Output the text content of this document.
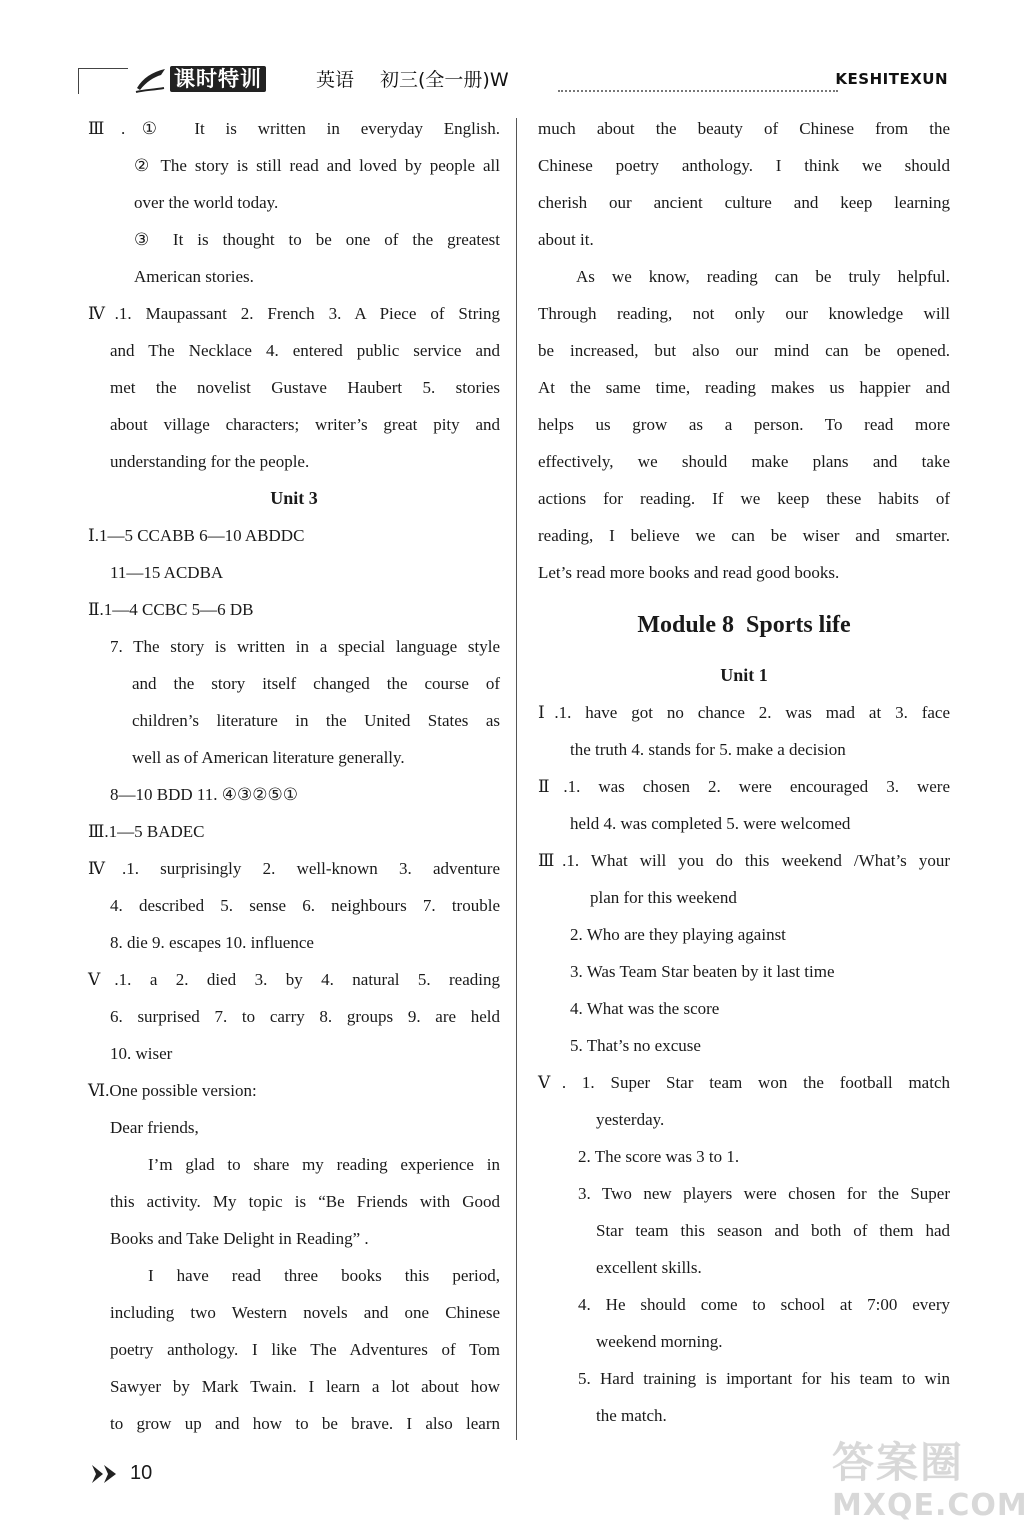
课时特训	英语 初三(全一册)W	KESHITEXUN
Ⅲ.① It is written in everyday English.
② The story is still read and loved by people all
over the world today.
③ It is thought to be one of the greatest
American stories.
Ⅳ.1. Maupassant 2. French 3. A Piece of String
and The Necklace 4. entered public service and
met the novelist Gustave Haubert 5. stories
about village characters; writer’s great pity and
understanding for the people.
Unit 3
Ⅰ.1—5 CCABB 6—10 ABDDC
11—15 ACDBA
Ⅱ.1—4 CCBC 5—6 DB
7. The story is written in a special language style
and the story itself changed the course of
children’s literature in the United States as
well as of American literature generally.
8—10 BDD 11. ④③②⑤①
Ⅲ.1—5 BADEC
Ⅳ.1. surprisingly 2. well-known 3. adventure
4. described 5. sense 6. neighbours 7. trouble
8. die 9. escapes 10. influence
Ⅴ.1. a 2. died 3. by 4. natural 5. reading
6. surprised 7. to carry 8. groups 9. are held
10. wiser
Ⅵ.One possible version:
Dear friends,
I’m glad to share my reading experience in
this activity. My topic is “Be Friends with Good
Books and Take Delight in Reading” .
I have read three books this period,
including two Western novels and one Chinese
poetry anthology. I like The Adventures of Tom
Sawyer by Mark Twain. I learn a lot about how
to grow up and how to be brave. I also learn
much about the beauty of Chinese from the
Chinese poetry anthology. I think we should
cherish our ancient culture and keep learning
about it.
As we know, reading can be truly helpful.
Through reading, not only our knowledge will
be increased, but also our mind can be opened.
At the same time, reading makes us happier and
helps us grow as a person. To read more
effectively, we should make plans and take
actions for reading. If we keep these habits of
reading, I believe we can be wiser and smarter.
Let’s read more books and read good books.
Module 8  Sports life
Unit 1
Ⅰ.1. have got no chance 2. was mad at 3. face
the truth 4. stands for 5. make a decision
Ⅱ.1. was chosen 2. were encouraged 3. were
held 4. was completed 5. were welcomed
Ⅲ.1. What will you do this weekend /What’s your
plan for this weekend
2. Who are they playing against
3. Was Team Star beaten by it last time
4. What was the score
5. That’s no excuse
Ⅴ. 1. Super Star team won the football match
yesterday.
2. The score was 3 to 1.
3. Two new players were chosen for the Super
Star team this season and both of them had
excellent skills.
4. He should come to school at 7:00 every
weekend morning.
5. Hard training is important for his team to win
the match.
10	答案圈
MXQE.COM
